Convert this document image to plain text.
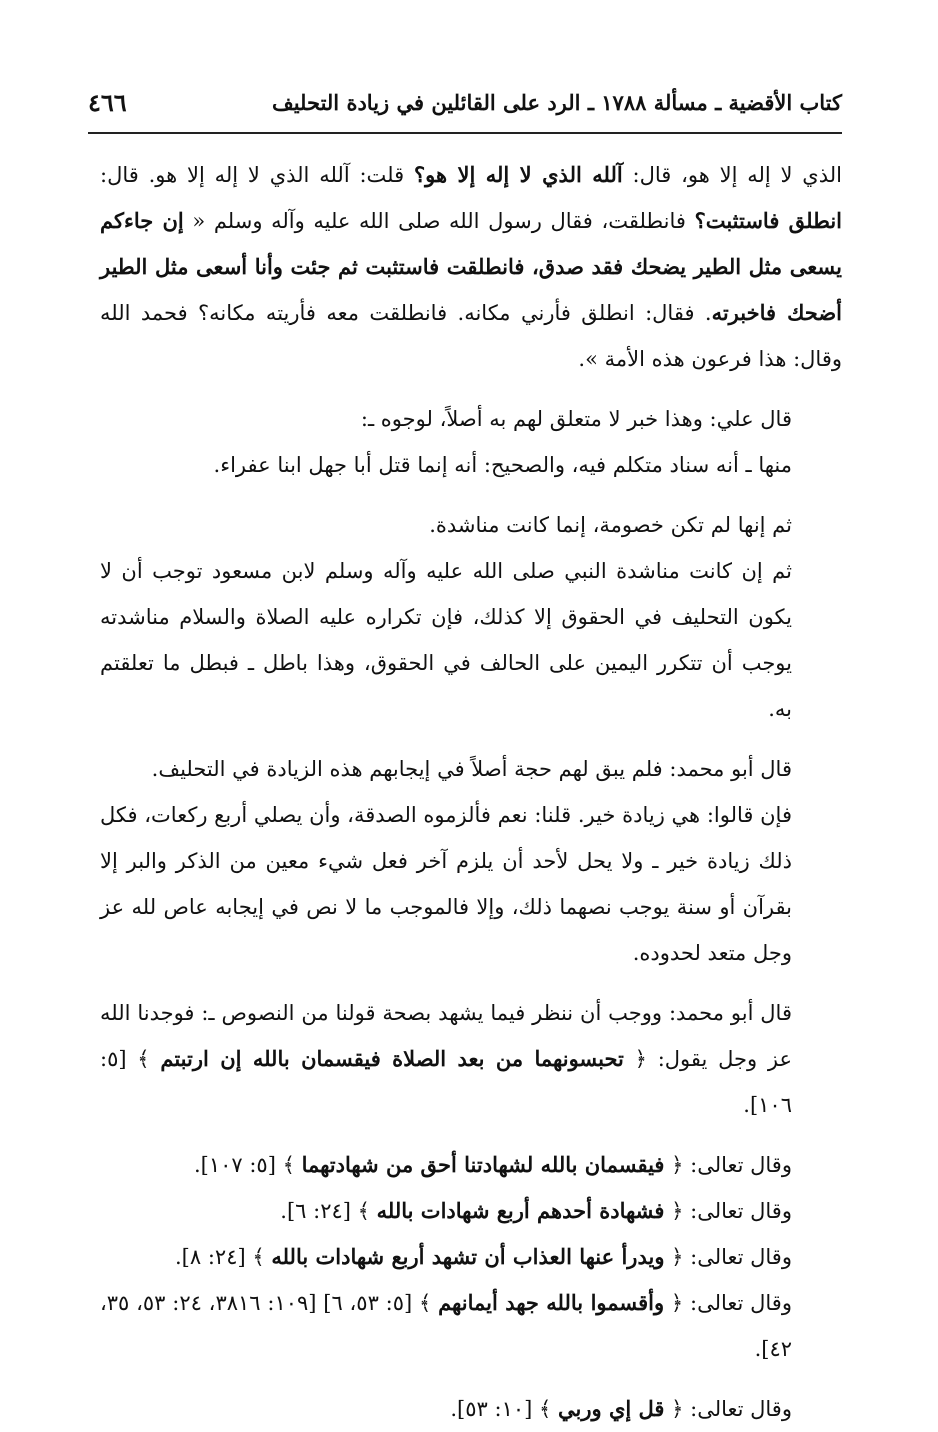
كتاب الأقضية ـ مسألة ١٧٨٨ ـ الرد على القائلين في زيادة التحليف
٤٦٦

الذي لا إله إلا هو، قال: آلله الذي لا إله إلا هو؟ قلت: آلله الذي لا إله إلا هو. قال: انطلق فاستثبت؟ فانطلقت، فقال رسول الله صلى الله عليه وآله وسلم « إن جاءكم يسعى مثل الطير يضحك فقد صدق، فانطلقت فاستثبت ثم جئت وأنا أسعى مثل الطير أضحك فاخبرته. فقال: انطلق فأرني مكانه. فانطلقت معه فأريته مكانه؟ فحمد الله وقال: هذا فرعون هذه الأمة ».

قال علي: وهذا خبر لا متعلق لهم به أصلاً، لوجوه ـ:

منها ـ أنه سناد متكلم فيه، والصحيح: أنه إنما قتل أبا جهل ابنا عفراء.

ثم إنها لم تكن خصومة، إنما كانت مناشدة.

ثم إن كانت مناشدة النبي صلى الله عليه وآله وسلم لابن مسعود توجب أن لا يكون التحليف في الحقوق إلا كذلك، فإن تكراره عليه الصلاة والسلام مناشدته يوجب أن تتكرر اليمين على الحالف في الحقوق، وهذا باطل ـ فبطل ما تعلقتم به.

قال أبو محمد: فلم يبق لهم حجة أصلاً في إيجابهم هذه الزيادة في التحليف.

فإن قالوا: هي زيادة خير. قلنا: نعم فألزموه الصدقة، وأن يصلي أربع ركعات، فكل ذلك زيادة خير ـ ولا يحل لأحد أن يلزم آخر فعل شيء معين من الذكر والبر إلا بقرآن أو سنة يوجب نصهما ذلك، وإلا فالموجب ما لا نص في إيجابه عاص لله عز وجل متعد لحدوده.

قال أبو محمد: ووجب أن ننظر فيما يشهد بصحة قولنا من النصوص ـ: فوجدنا الله عز وجل يقول: ﴿ تحبسونهما من بعد الصلاة فيقسمان بالله إن ارتبتم ﴾ [٥: ١٠٦].

وقال تعالى: ﴿ فيقسمان بالله لشهادتنا أحق من شهادتهما ﴾ [٥: ١٠٧].

وقال تعالى: ﴿ فشهادة أحدهم أربع شهادات بالله ﴾ [٢٤: ٦].

وقال تعالى: ﴿ ويدرأ عنها العذاب أن تشهد أربع شهادات بالله ﴾ [٢٤: ٨].

وقال تعالى: ﴿ وأقسموا بالله جهد أيمانهم ﴾ [٥: ٥٣، ٦] [١٠٩: ٣٨١٦، ٢٤: ٥٣، ٣٥، ٤٢].

وقال تعالى: ﴿ قل إي وربي ﴾ [١٠: ٥٣].
